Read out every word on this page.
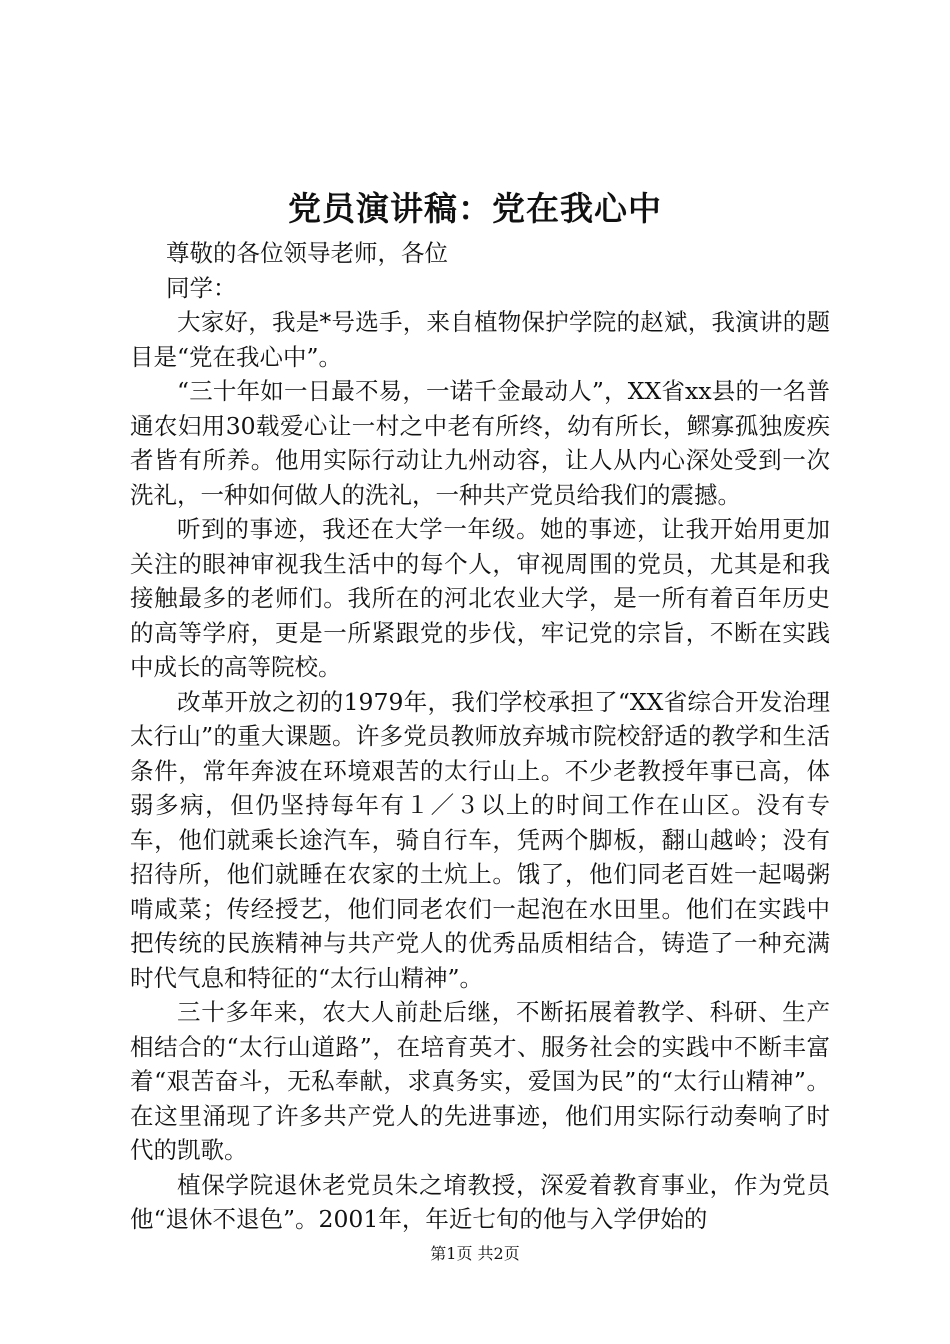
党员演讲稿：党在我心中

尊敬的各位领导老师，各位

同学：

大家好，我是*号选手，来自植物保护学院的赵斌，我演讲的题目是“党在我心中”。

“三十年如一日最不易，一诺千金最动人”，XX省xx县的一名普通农妇用30载爱心让一村之中老有所终，幼有所长，鳏寡孤独废疾者皆有所养。他用实际行动让九州动容，让人从内心深处受到一次洗礼，一种如何做人的洗礼，一种共产党员给我们的震撼。

听到的事迹，我还在大学一年级。她的事迹，让我开始用更加关注的眼神审视我生活中的每个人，审视周围的党员，尤其是和我接触最多的老师们。我所在的河北农业大学，是一所有着百年历史的高等学府，更是一所紧跟党的步伐，牢记党的宗旨，不断在实践中成长的高等院校。

改革开放之初的1979年，我们学校承担了“XX省综合开发治理太行山”的重大课题。许多党员教师放弃城市院校舒适的教学和生活条件，常年奔波在环境艰苦的太行山上。不少老教授年事已高，体弱多病，但仍坚持每年有１／３以上的时间工作在山区。没有专车，他们就乘长途汽车，骑自行车，凭两个脚板，翻山越岭；没有招待所，他们就睡在农家的土炕上。饿了，他们同老百姓一起喝粥啃咸菜；传经授艺，他们同老农们一起泡在水田里。他们在实践中把传统的民族精神与共产党人的优秀品质相结合，铸造了一种充满时代气息和特征的“太行山精神”。

三十多年来，农大人前赴后继，不断拓展着教学、科研、生产相结合的“太行山道路”，在培育英才、服务社会的实践中不断丰富着“艰苦奋斗，无私奉献，求真务实，爱国为民”的“太行山精神”。在这里涌现了许多共产党人的先进事迹，他们用实际行动奏响了时代的凯歌。

植保学院退休老党员朱之堉教授，深爱着教育事业，作为党员他“退休不退色”。2001年，年近七旬的他与入学伊始的

第1页 共2页
